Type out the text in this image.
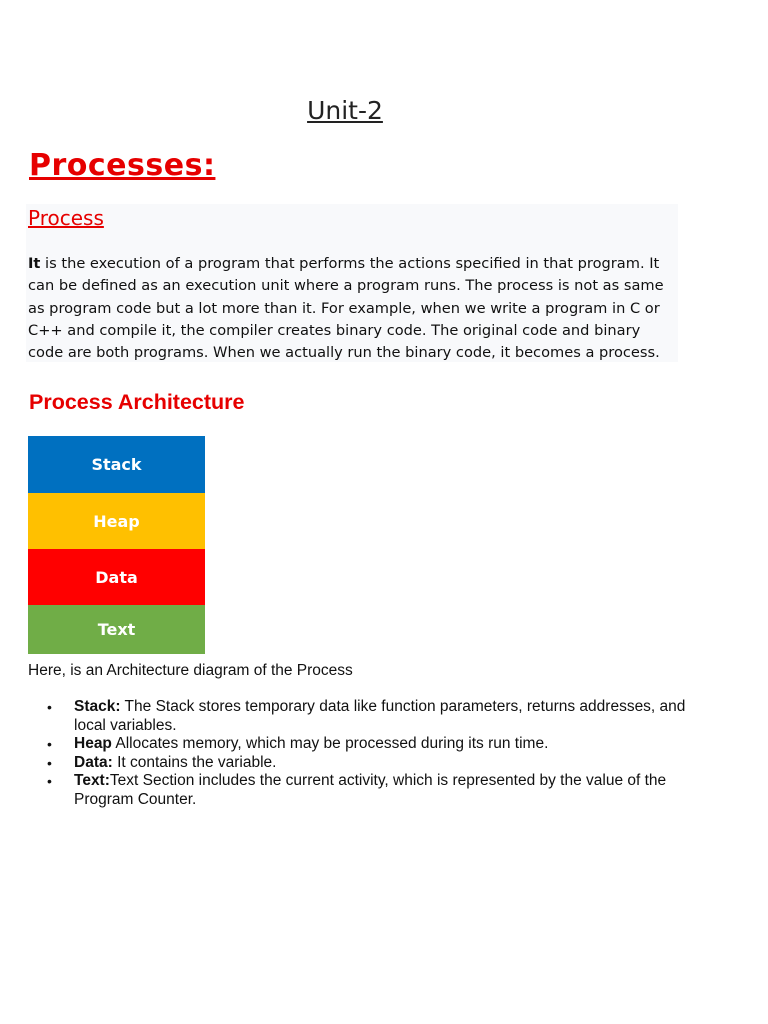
Unit-2
Processes:
Process

It is the execution of a program that performs the actions specified in that program. It can be defined as an execution unit where a program runs. The process is not as same as program code but a lot more than it. For example, when we write a program in C or C++ and compile it, the compiler creates binary code. The original code and binary code are both programs. When we actually run the binary code, it becomes a process.

Process Architecture
Stack
Heap
Data
Text
Here, is an Architecture diagram of the Process
• Stack: The Stack stores temporary data like function parameters, returns addresses, and local variables.
• Heap Allocates memory, which may be processed during its run time.
• Data: It contains the variable.
• Text:Text Section includes the current activity, which is represented by the value of the Program Counter.
